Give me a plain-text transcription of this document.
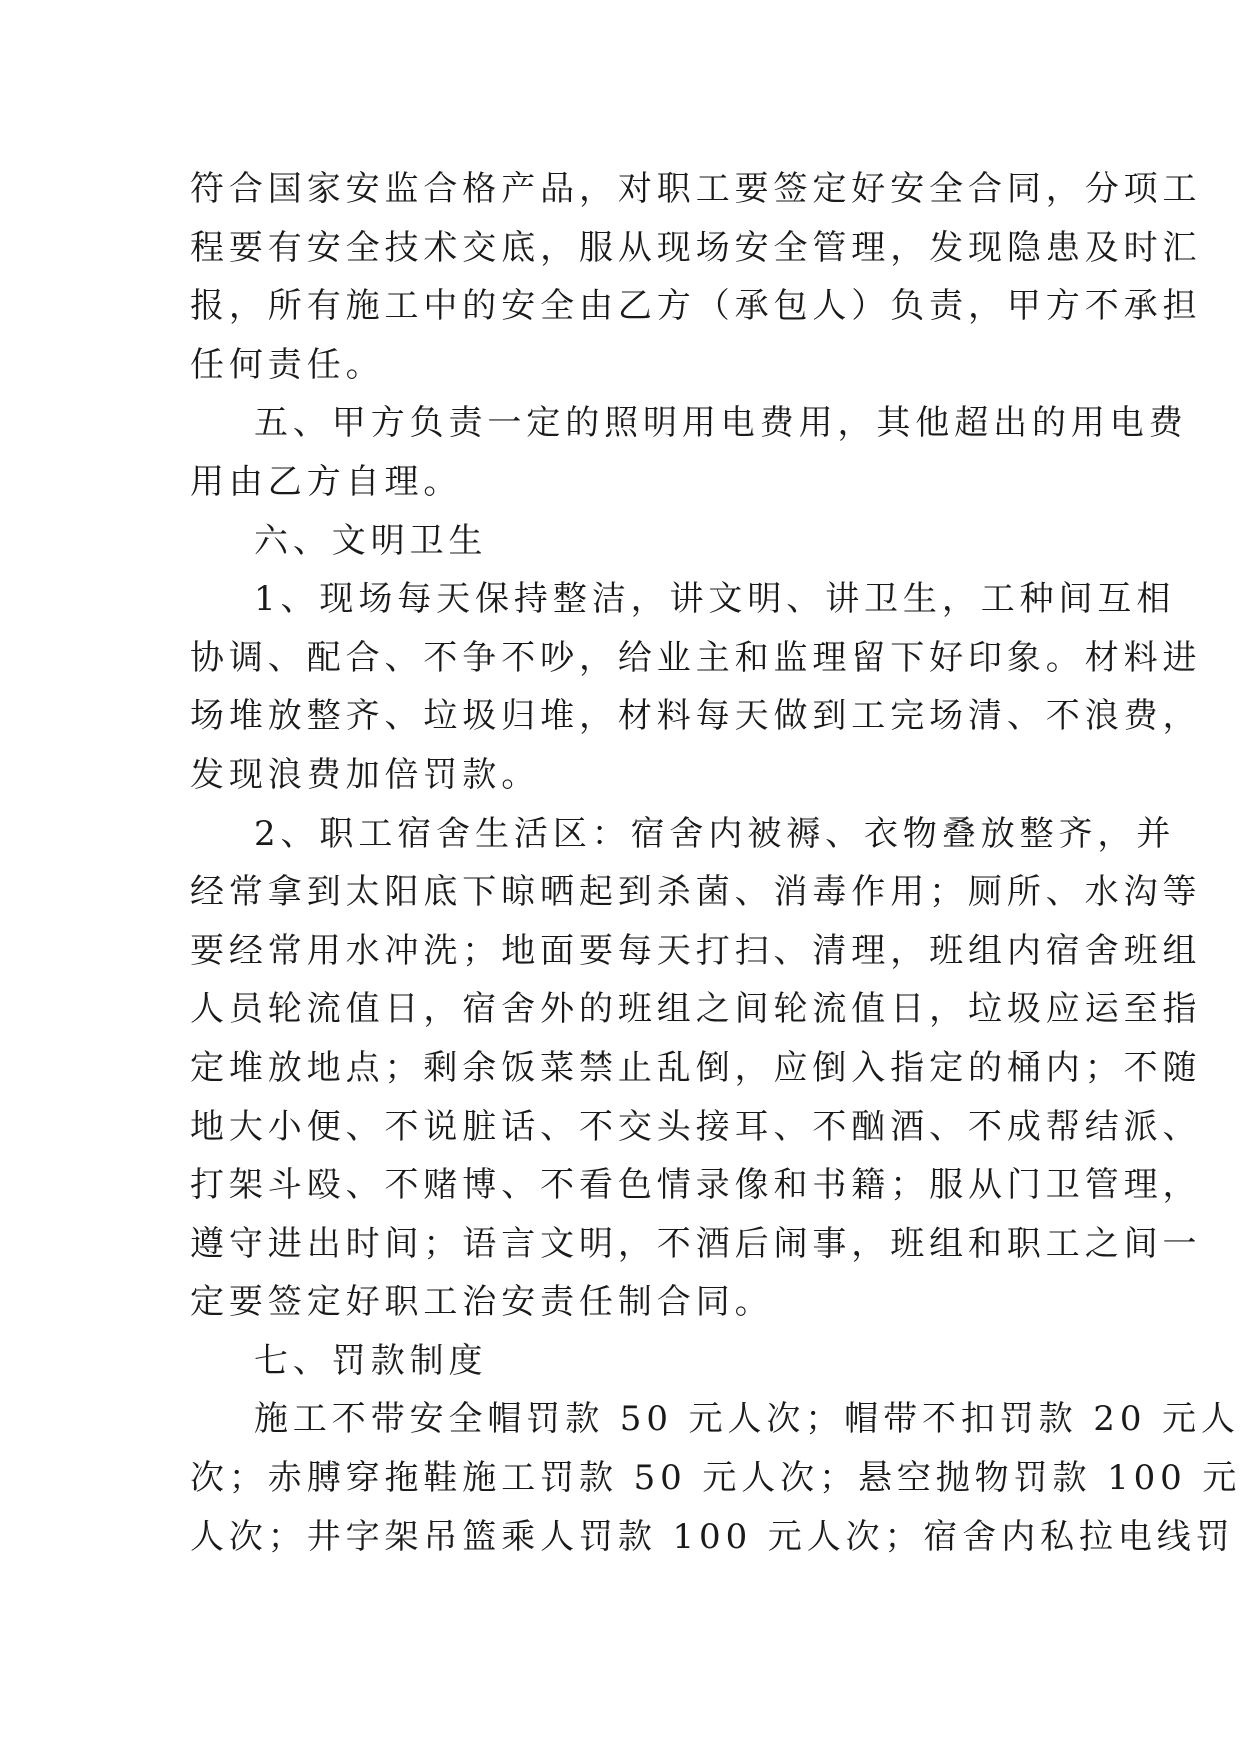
符合国家安监合格产品，对职工要签定好安全合同，分项工
程要有安全技术交底，服从现场安全管理，发现隐患及时汇
报，所有施工中的安全由乙方（承包人）负责，甲方不承担
任何责任。
五、甲方负责一定的照明用电费用，其他超出的用电费
用由乙方自理。
六、文明卫生
1、现场每天保持整洁，讲文明、讲卫生，工种间互相
协调、配合、不争不吵，给业主和监理留下好印象。材料进
场堆放整齐、垃圾归堆，材料每天做到工完场清、不浪费，
发现浪费加倍罚款。
2、职工宿舍生活区：宿舍内被褥、衣物叠放整齐，并
经常拿到太阳底下晾晒起到杀菌、消毒作用；厕所、水沟等
要经常用水冲洗；地面要每天打扫、清理，班组内宿舍班组
人员轮流值日，宿舍外的班组之间轮流值日，垃圾应运至指
定堆放地点；剩余饭菜禁止乱倒，应倒入指定的桶内；不随
地大小便、不说脏话、不交头接耳、不酗酒、不成帮结派、
打架斗殴、不赌博、不看色情录像和书籍；服从门卫管理，
遵守进出时间；语言文明，不酒后闹事，班组和职工之间一
定要签定好职工治安责任制合同。
七、罚款制度
施工不带安全帽罚款 50 元人次；帽带不扣罚款 20 元人
次；赤膊穿拖鞋施工罚款 50 元人次；悬空抛物罚款 100 元
人次；井字架吊篮乘人罚款 100 元人次；宿舍内私拉电线罚
